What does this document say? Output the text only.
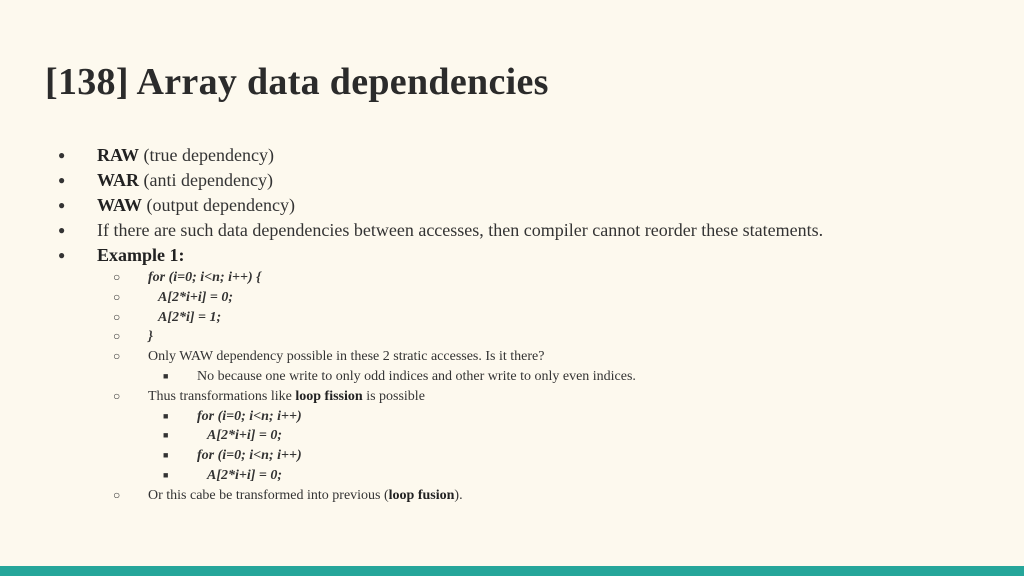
[138] Array data dependencies
●	RAW (true dependency)
●	WAR (anti dependency)
●	WAW (output dependency)
●	If there are such data dependencies between accesses, then compiler cannot reorder these statements.
●	Example 1:
○ for (i=0; i<n; i++) {
○ A[2*i+i] = 0;
○ A[2*i] = 1;
○ }
○ Only WAW dependency possible in these 2 stratic accesses. Is it there?
■ No because one write to only odd indices and other write to only even indices.
○ Thus transformations like loop fission is possible
■ for (i=0; i<n; i++)
■ A[2*i+i] = 0;
■ for (i=0; i<n; i++)
■ A[2*i+i] = 0;
○ Or this cabe be transformed into previous (loop fusion).
